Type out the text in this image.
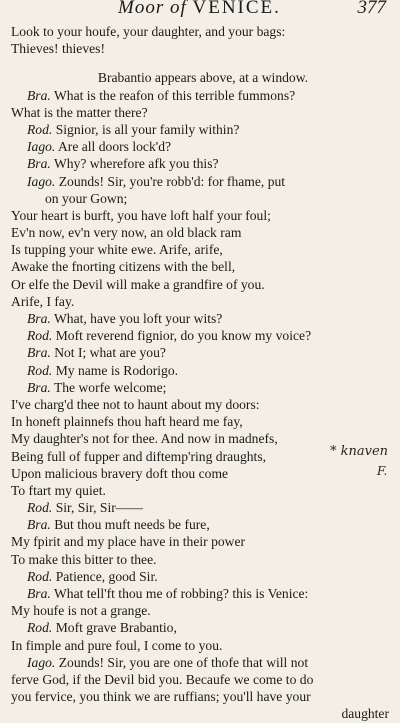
Moor of VENICE.	377
Look to your houfe, your daughter, and your bags:
Thieves! thieves!
Brabantio appears above, at a window.
Bra. What is the reafon of this terrible fummons?
What is the matter there?
Rod. Signior, is all your family within?
Iago. Are all doors lock'd?
Bra. Why? wherefore afk you this?
Iago. Zounds! Sir, you're robb'd: for fhame, put
on your Gown;
Your heart is burft, you have loft half your foul;
Ev'n now, ev'n very now, an old black ram
Is tupping your white ewe. Arife, arife,
Awake the fnorting citizens with the bell,
Or elfe the Devil will make a grandfire of you.
Arife, I fay.
Bra. What, have you loft your wits?
Rod. Moft reverend fignior, do you know my voice?
Bra. Not I; what are you?
Rod. My name is Rodorigo.
Bra. The worfe welcome;
I've charg'd thee not to haunt about my doors:
In honeft plainnefs thou haft heard me fay,
My daughter's not for thee. And now in madnefs,
Being full of fupper and diftemp'ring draughts,
Upon malicious bravery doft thou come
To ftart my quiet.
Rod. Sir, Sir, Sir——
Bra. But thou muft needs be fure,
My fpirit and my place have in their power
To make this bitter to thee.
Rod. Patience, good Sir.
Bra. What tell'ft thou me of robbing? this is Venice:
My houfe is not a grange.
Rod. Moft grave Brabantio,
In fimple and pure foul, I come to you.
Iago. Zounds! Sir, you are one of thofe that will not
ferve God, if the Devil bid you. Becaufe we come to do
you fervice, you think we are ruffians; you'll have your
daughter
* knaven
F.
